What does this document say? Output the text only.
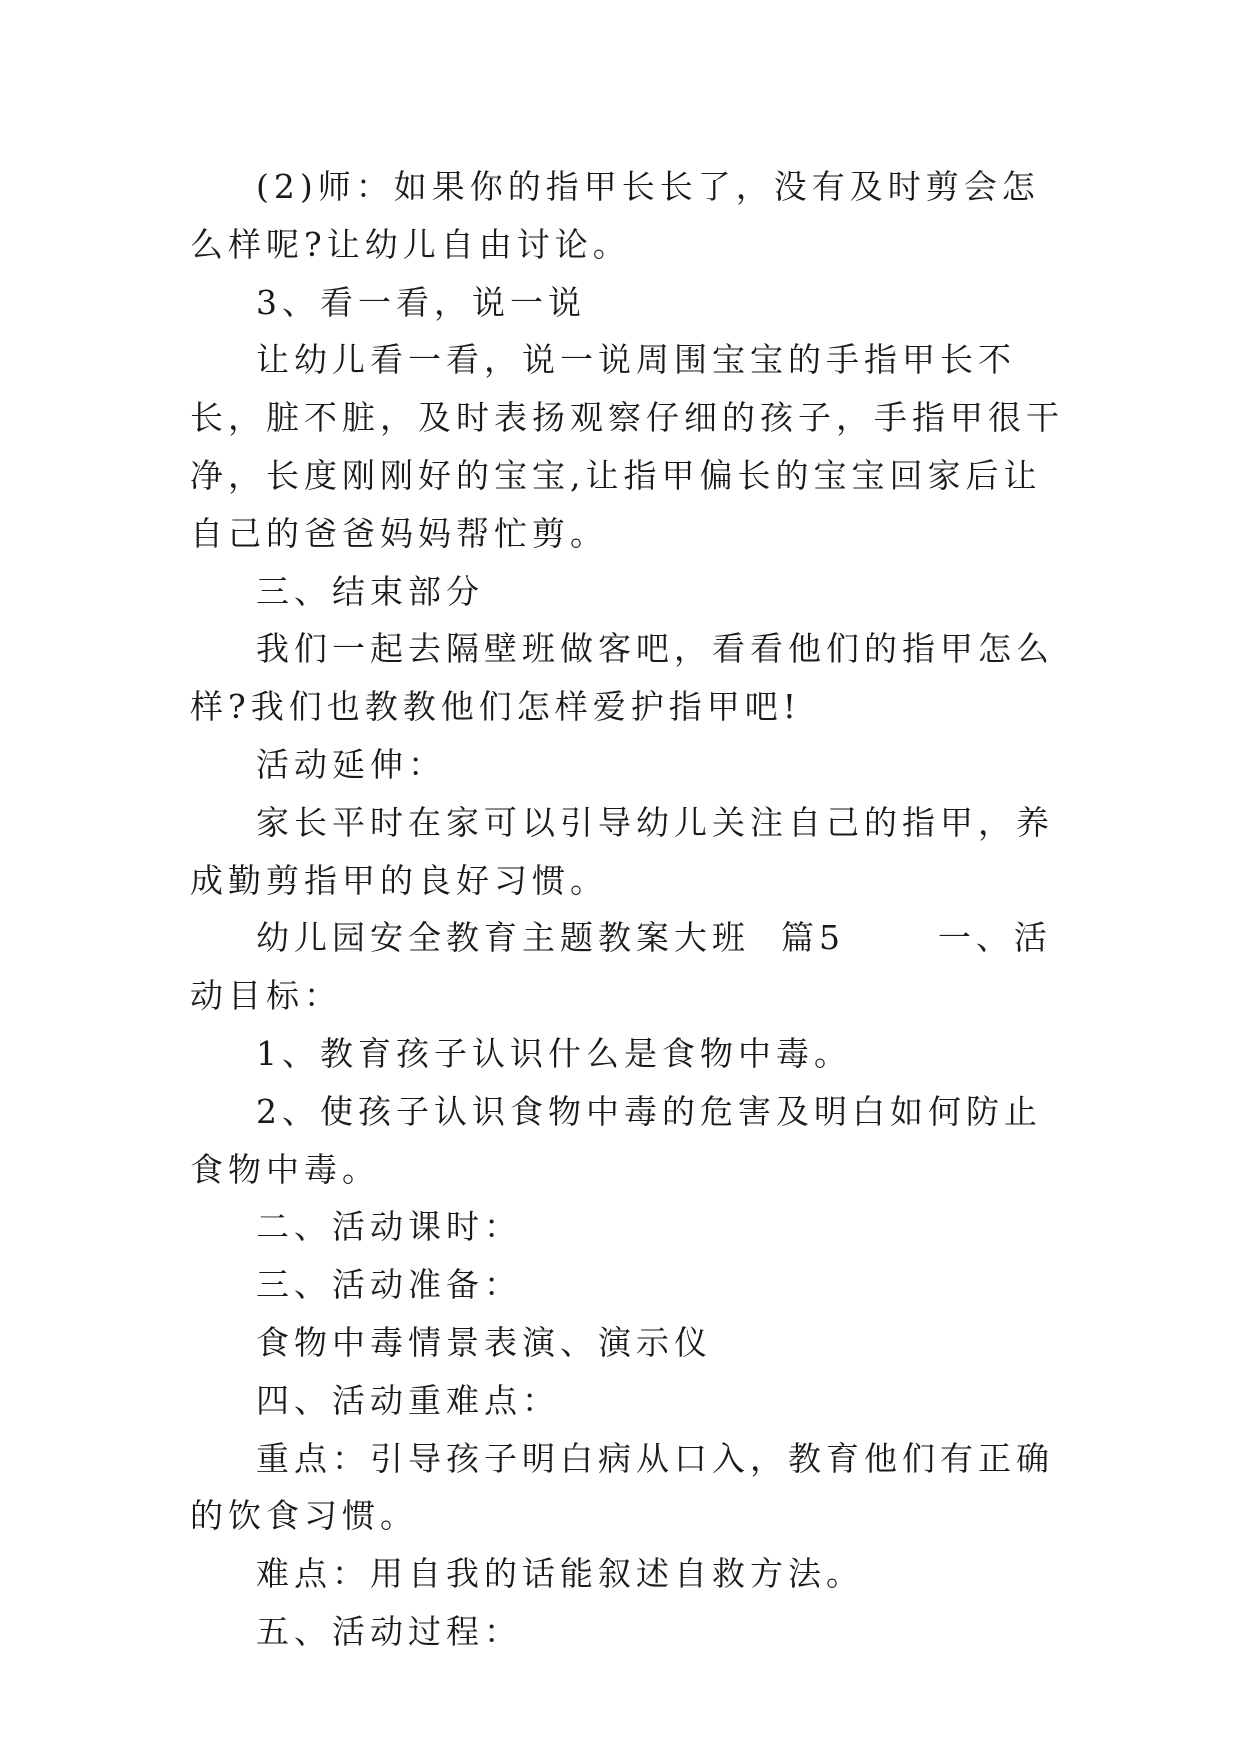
(2)师：如果你的指甲长长了，没有及时剪会怎么样呢?让幼儿自由讨论。

3、看一看，说一说

让幼儿看一看，说一说周围宝宝的手指甲长不长，脏不脏，及时表扬观察仔细的孩子，手指甲很干净，长度刚刚好的宝宝,让指甲偏长的宝宝回家后让自己的爸爸妈妈帮忙剪。

三、结束部分

我们一起去隔壁班做客吧，看看他们的指甲怎么样?我们也教教他们怎样爱护指甲吧!

活动延伸：

家长平时在家可以引导幼儿关注自己的指甲，养成勤剪指甲的良好习惯。

幼儿园安全教育主题教案大班  篇5      一、活动目标：

1、教育孩子认识什么是食物中毒。

2、使孩子认识食物中毒的危害及明白如何防止食物中毒。

二、活动课时：

三、活动准备：

食物中毒情景表演、演示仪

四、活动重难点：

重点：引导孩子明白病从口入，教育他们有正确的饮食习惯。

难点：用自我的话能叙述自救方法。

五、活动过程：
